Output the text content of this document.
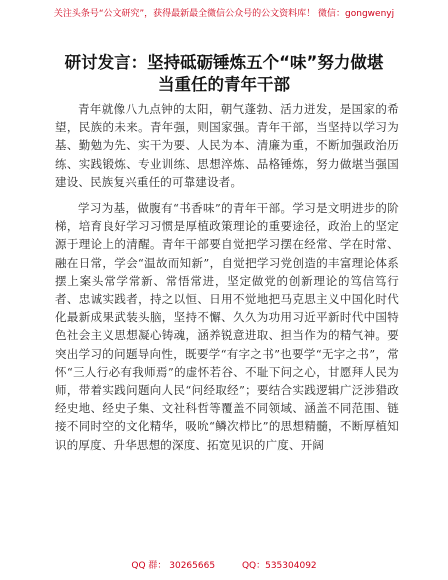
关注头条号“公文研究”，获得最新最全微信公众号的公文资料库！ 微信：gongwenyj
研讨发言：坚持砥砺锤炼五个“味”努力做堪
当重任的青年干部

青年就像八九点钟的太阳，朝气蓬勃、活力迸发，是国家的希望，民族的未来。青年强，则国家强。青年干部，当坚持以学习为基、勤勉为先、实干为要、人民为本、清廉为重，不断加强政治历练、实践锻炼、专业训练、思想淬炼、品格锤炼，努力做堪当强国建设、民族复兴重任的可靠建设者。

学习为基，做腹有“书香味”的青年干部。学习是文明进步的阶梯，培育良好学习习惯是厚植政策理论的重要途径，政治上的坚定源于理论上的清醒。青年干部要自觉把学习摆在经常、学在时常、融在日常，学会“温故而知新”，自觉把学习党创造的丰富理论体系摆上案头常学常新、常悟常进，坚定做党的创新理论的笃信笃行者、忠诚实践者，持之以恒、日用不觉地把马克思主义中国化时代化最新成果武装头脑，坚持不懈、久久为功用习近平新时代中国特色社会主义思想凝心铸魂，涵养锐意进取、担当作为的精气神。要突出学习的问题导向性，既要学“有字之书”也要学“无字之书”，常怀“三人行必有我师焉”的虚怀若谷、不耻下问之心，甘愿拜人民为师，带着实践问题向人民“问经取经”；要结合实践逻辑广泛涉猎政经史地、经史子集、文社科哲等覆盖不同领域、涵盖不同范围、链接不同时空的文化精华，吸吮“鳞次栉比”的思想精髓，不断厚植知识的厚度、升华思想的深度、拓宽见识的广度、开阔

QQ 群： 30265665	QQ：535304092
